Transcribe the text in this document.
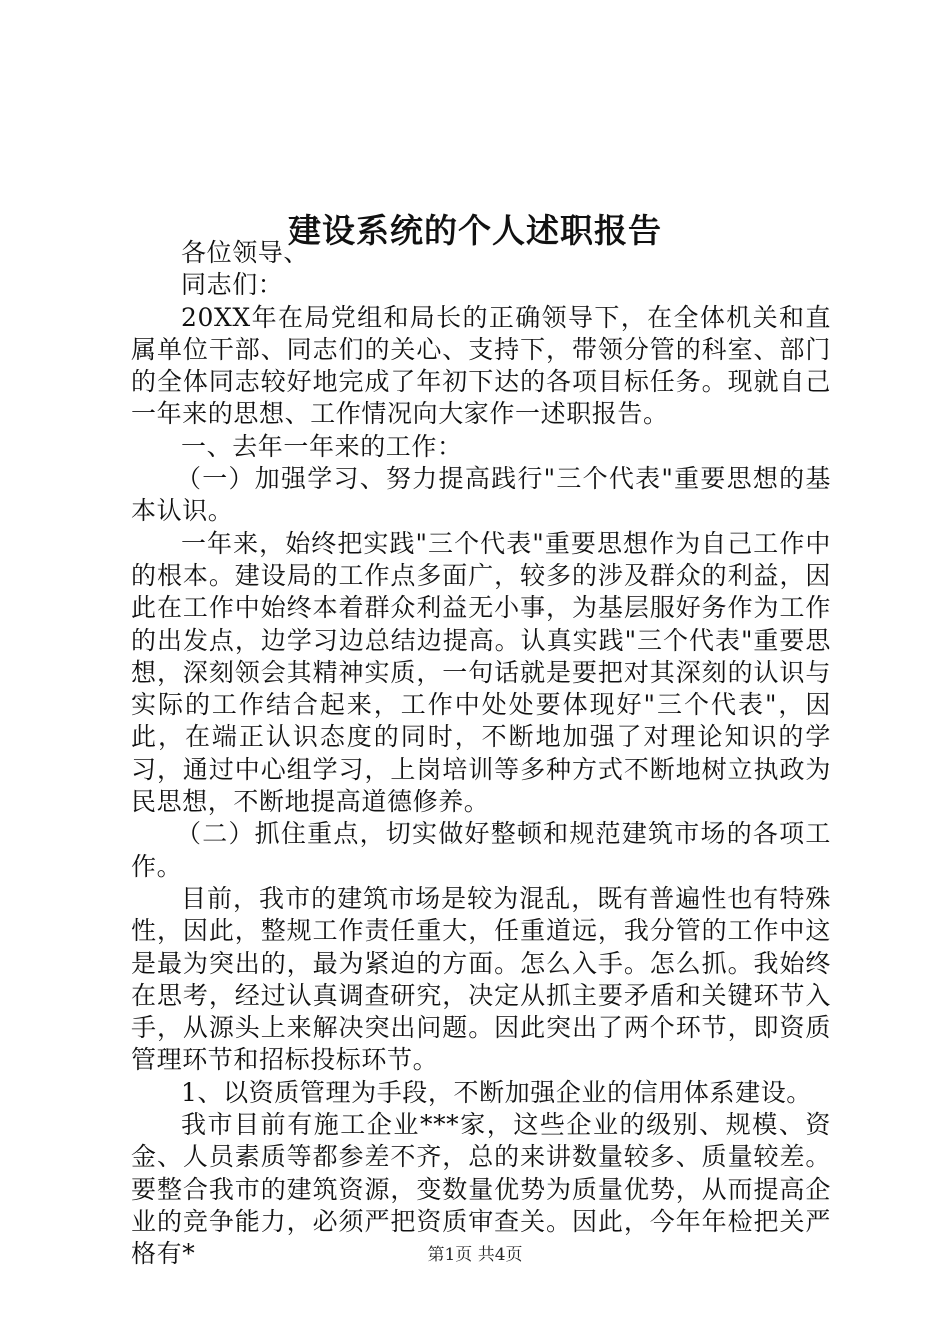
建设系统的个人述职报告

各位领导、

同志们：

20XX年在局党组和局长的正确领导下，在全体机关和直属单位干部、同志们的关心、支持下，带领分管的科室、部门的全体同志较好地完成了年初下达的各项目标任务。现就自己一年来的思想、工作情况向大家作一述职报告。

一、去年一年来的工作：

（一）加强学习、努力提高践行"三个代表"重要思想的基本认识。

一年来，始终把实践"三个代表"重要思想作为自己工作中的根本。建设局的工作点多面广，较多的涉及群众的利益，因此在工作中始终本着群众利益无小事，为基层服好务作为工作的出发点，边学习边总结边提高。认真实践"三个代表"重要思想，深刻领会其精神实质，一句话就是要把对其深刻的认识与实际的工作结合起来，工作中处处要体现好"三个代表"，因此，在端正认识态度的同时，不断地加强了对理论知识的学习，通过中心组学习，上岗培训等多种方式不断地树立执政为民思想，不断地提高道德修养。

（二）抓住重点，切实做好整顿和规范建筑市场的各项工作。

目前，我市的建筑市场是较为混乱，既有普遍性也有特殊性，因此，整规工作责任重大，任重道远，我分管的工作中这是最为突出的，最为紧迫的方面。怎么入手。怎么抓。我始终在思考，经过认真调查研究，决定从抓主要矛盾和关键环节入手，从源头上来解决突出问题。因此突出了两个环节，即资质管理环节和招标投标环节。

1、以资质管理为手段，不断加强企业的信用体系建设。

我市目前有施工企业***家，这些企业的级别、规模、资金、人员素质等都参差不齐，总的来讲数量较多、质量较差。要整合我市的建筑资源，变数量优势为质量优势，从而提高企业的竞争能力，必须严把资质审查关。因此，今年年检把关严格有*	第1页 共4页
